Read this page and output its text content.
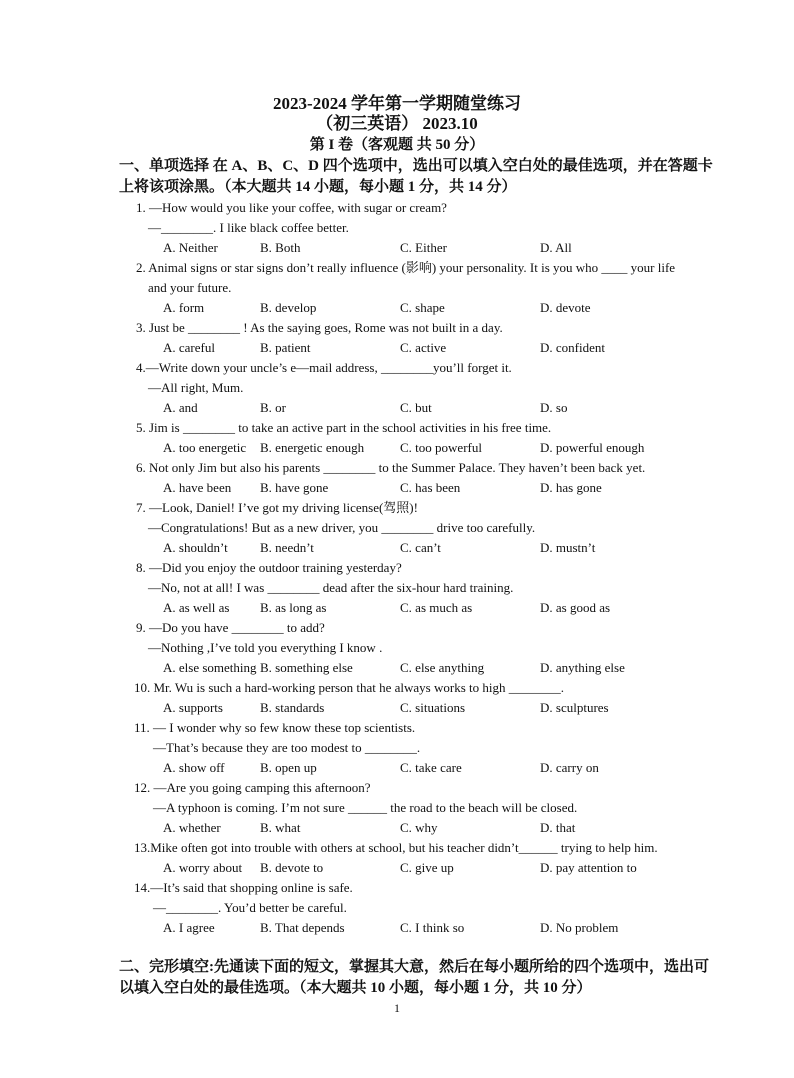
2023-2024 学年第一学期随堂练习
（初三英语） 2023.10
第 I 卷（客观题 共 50 分）
一、单项选择 在 A、B、C、D 四个选项中，选出可以填入空白处的最佳选项，并在答题卡上将该项涂黑。（本大题共 14 小题，每小题 1 分，共 14 分）
1. —How would you like your coffee, with sugar or cream?
—________. I like black coffee better.
A. Neither	B. Both	C. Either	D. All
2. Animal signs or star signs don’t really influence (影响) your personality. It is you who ____ your life
and your future.
A. form	B. develop	C. shape	D. devote
3. Just be ________ ! As the saying goes, Rome was not built in a day.
A. careful	B. patient	C. active	D. confident
4.—Write down your uncle’s e—mail address, ________you’ll forget it.
—All right, Mum.
A. and	B. or	C. but	D. so
5. Jim is ________ to take an active part in the school activities in his free time.
A. too energetic B. energetic enough	C. too powerful	D. powerful enough
6. Not only Jim but also his parents ________ to the Summer Palace. They haven’t been back yet.
A. have been B. have gone	C. has been	D. has gone
7. —Look, Daniel! I’ve got my driving license(驾照)!
—Congratulations! But as a new driver, you ________ drive too carefully.
A. shouldn’t B. needn’t	C. can’t	D. mustn’t
8. —Did you enjoy the outdoor training yesterday?
—No, not at all! I was ________ dead after the six-hour hard training.
A. as well as B. as long as	C. as much as	D. as good as
9. —Do you have ________ to add?
—Nothing ,I’ve told you everything I know .
A. else something B. something else	C. else anything	D. anything else
10. Mr. Wu is such a hard-working person that he always works to high ________.
A. supports	B. standards	C. situations	D. sculptures
11. — I wonder why so few know these top scientists.
—That’s because they are too modest to ________.
A. show off	B. open up	C. take care	D. carry on
12. —Are you going camping this afternoon?
—A typhoon is coming. I’m not sure ______ the road to the beach will be closed.
A. whether	B. what	C. why	D. that
13.Mike often got into trouble with others at school, but his teacher didn’t______ trying to help him.
A. worry about B. devote to	C. give up	D. pay attention to
14.—It’s said that shopping online is safe.
—________. You’d better be careful.
A. I agree	B. That depends	C. I think so	D. No problem
二、完形填空:先通读下面的短文，掌握其大意，然后在每小题所给的四个选项中，选出可以填入空白处的最佳选项。（本大题共 10 小题，每小题 1 分，共 10 分）
1
